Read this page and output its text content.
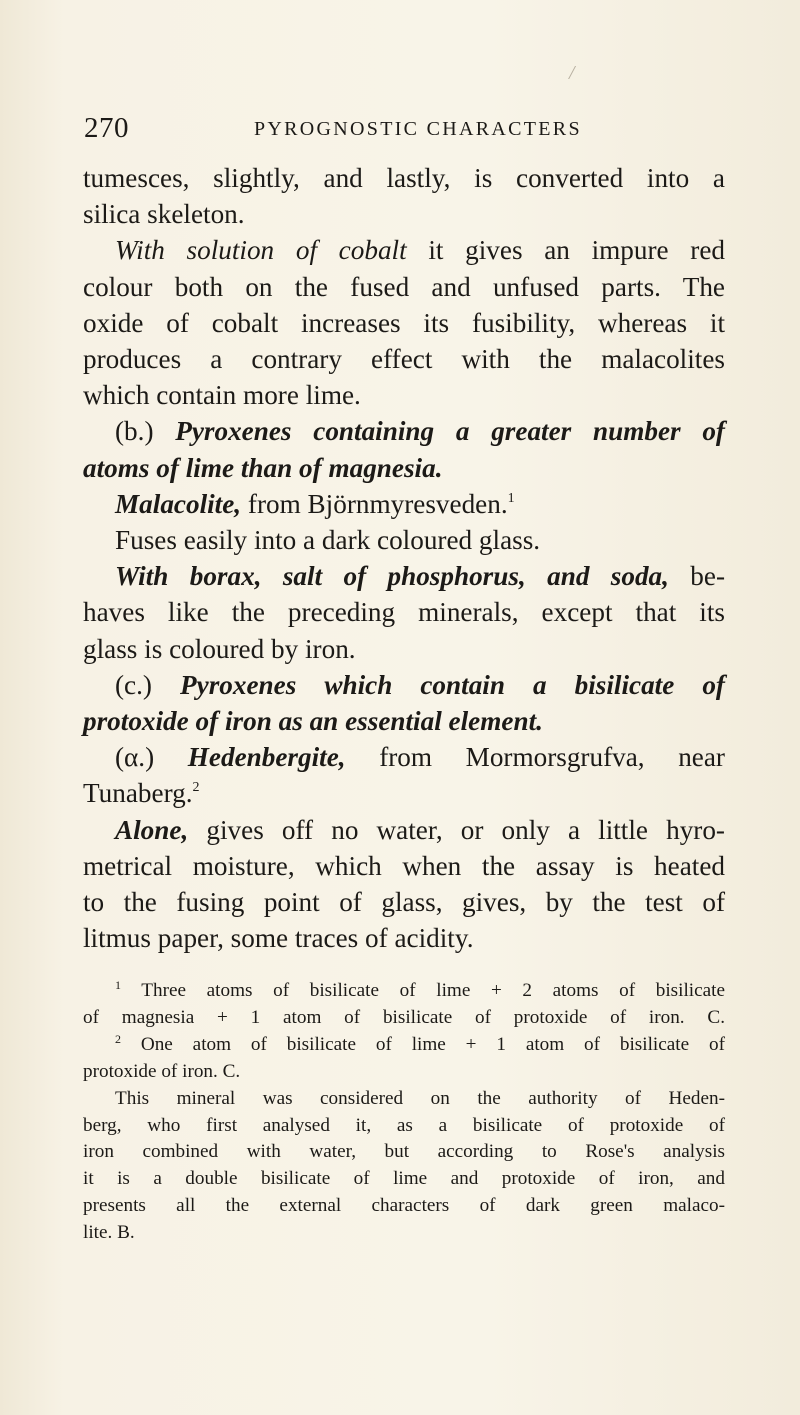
/
270	PYROGNOSTIC CHARACTERS

tumesces, slightly, and lastly, is converted into a

silica skeleton.

With solution of cobalt it gives an impure red

colour both on the fused and unfused parts. The

oxide of cobalt increases its fusibility, whereas it

produces a contrary effect with the malacolites

which contain more lime.

(b.) Pyroxenes containing a greater number of

atoms of lime than of magnesia.

Malacolite, from Björnmyresveden.$^1$

Fuses easily into a dark coloured glass.

With borax, salt of phosphorus, and soda, be-

haves like the preceding minerals, except that its

glass is coloured by iron.

(c.) Pyroxenes which contain a bisilicate of

protoxide of iron as an essential element.

(α.) Hedenbergite, from Mormorsgrufva, near

Tunaberg.$^2$

Alone, gives off no water, or only a little hyro-

metrical moisture, which when the assay is heated

to the fusing point of glass, gives, by the test of

litmus paper, some traces of acidity.

$^1$ Three atoms of bisilicate of lime + 2 atoms of bisilicate

of magnesia + 1 atom of bisilicate of protoxide of iron. C.

$^2$ One atom of bisilicate of lime + 1 atom of bisilicate of

protoxide of iron. C.

This mineral was considered on the authority of Heden-

berg, who first analysed it, as a bisilicate of protoxide of

iron combined with water, but according to Rose's analysis

it is a double bisilicate of lime and protoxide of iron, and

presents all the external characters of dark green malaco-

lite. B.
